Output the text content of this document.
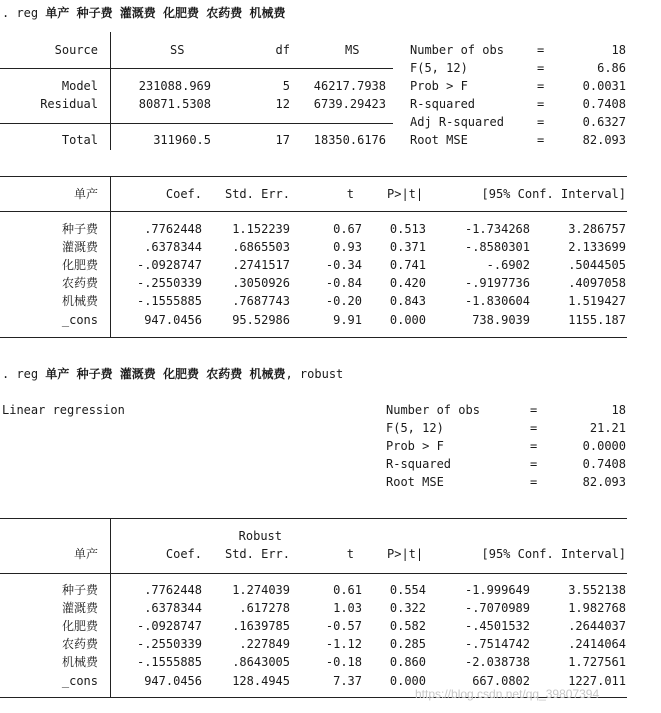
. reg 单产 种子费 灌溉费 化肥费 农药费 机械费
Source	SS	df	MS
Model	231088.969	5	46217.7938
Residual	80871.5308	12	6739.29423
Total	311960.5	17	18350.6176
Number of obs	=	18
F(5, 12)	=	6.86
Prob > F	=	0.0031
R-squared	=	0.7408
Adj R-squared	=	0.6327
Root MSE	=	82.093
单产	Coef.	Std. Err.	t	P>|t|	[95% Conf. Interval]
种子费	.7762448	1.152239	0.67	0.513	-1.734268	3.286757
灌溉费	.6378344	.6865503	0.93	0.371	-.8580301	2.133699
化肥费	-.0928747	.2741517	-0.34	0.741	-.6902	.5044505
农药费	-.2550339	.3050926	-0.84	0.420	-.9197736	.4097058
机械费	-.1555885	.7687743	-0.20	0.843	-1.830604	1.519427
_cons	947.0456	95.52986	9.91	0.000	738.9039	1155.187
. reg 单产 种子费 灌溉费 化肥费 农药费 机械费, robust
Linear regression	Number of obs	=	18
F(5, 12)	=	21.21
Prob > F	=	0.0000
R-squared	=	0.7408
Root MSE	=	82.093
Robust
单产	Coef.	Std. Err.	t	P>|t|	[95% Conf. Interval]
种子费	.7762448	1.274039	0.61	0.554	-1.999649	3.552138
灌溉费	.6378344	.617278	1.03	0.322	-.7070989	1.982768
化肥费	-.0928747	.1639785	-0.57	0.582	-.4501532	.2644037
农药费	-.2550339	.227849	-1.12	0.285	-.7514742	.2414064
机械费	-.1555885	.8643005	-0.18	0.860	-2.038738	1.727561
_cons	947.0456	128.4945	7.37	0.000	667.0802	1227.011
https://blog.csdn.net/qq_39807394
